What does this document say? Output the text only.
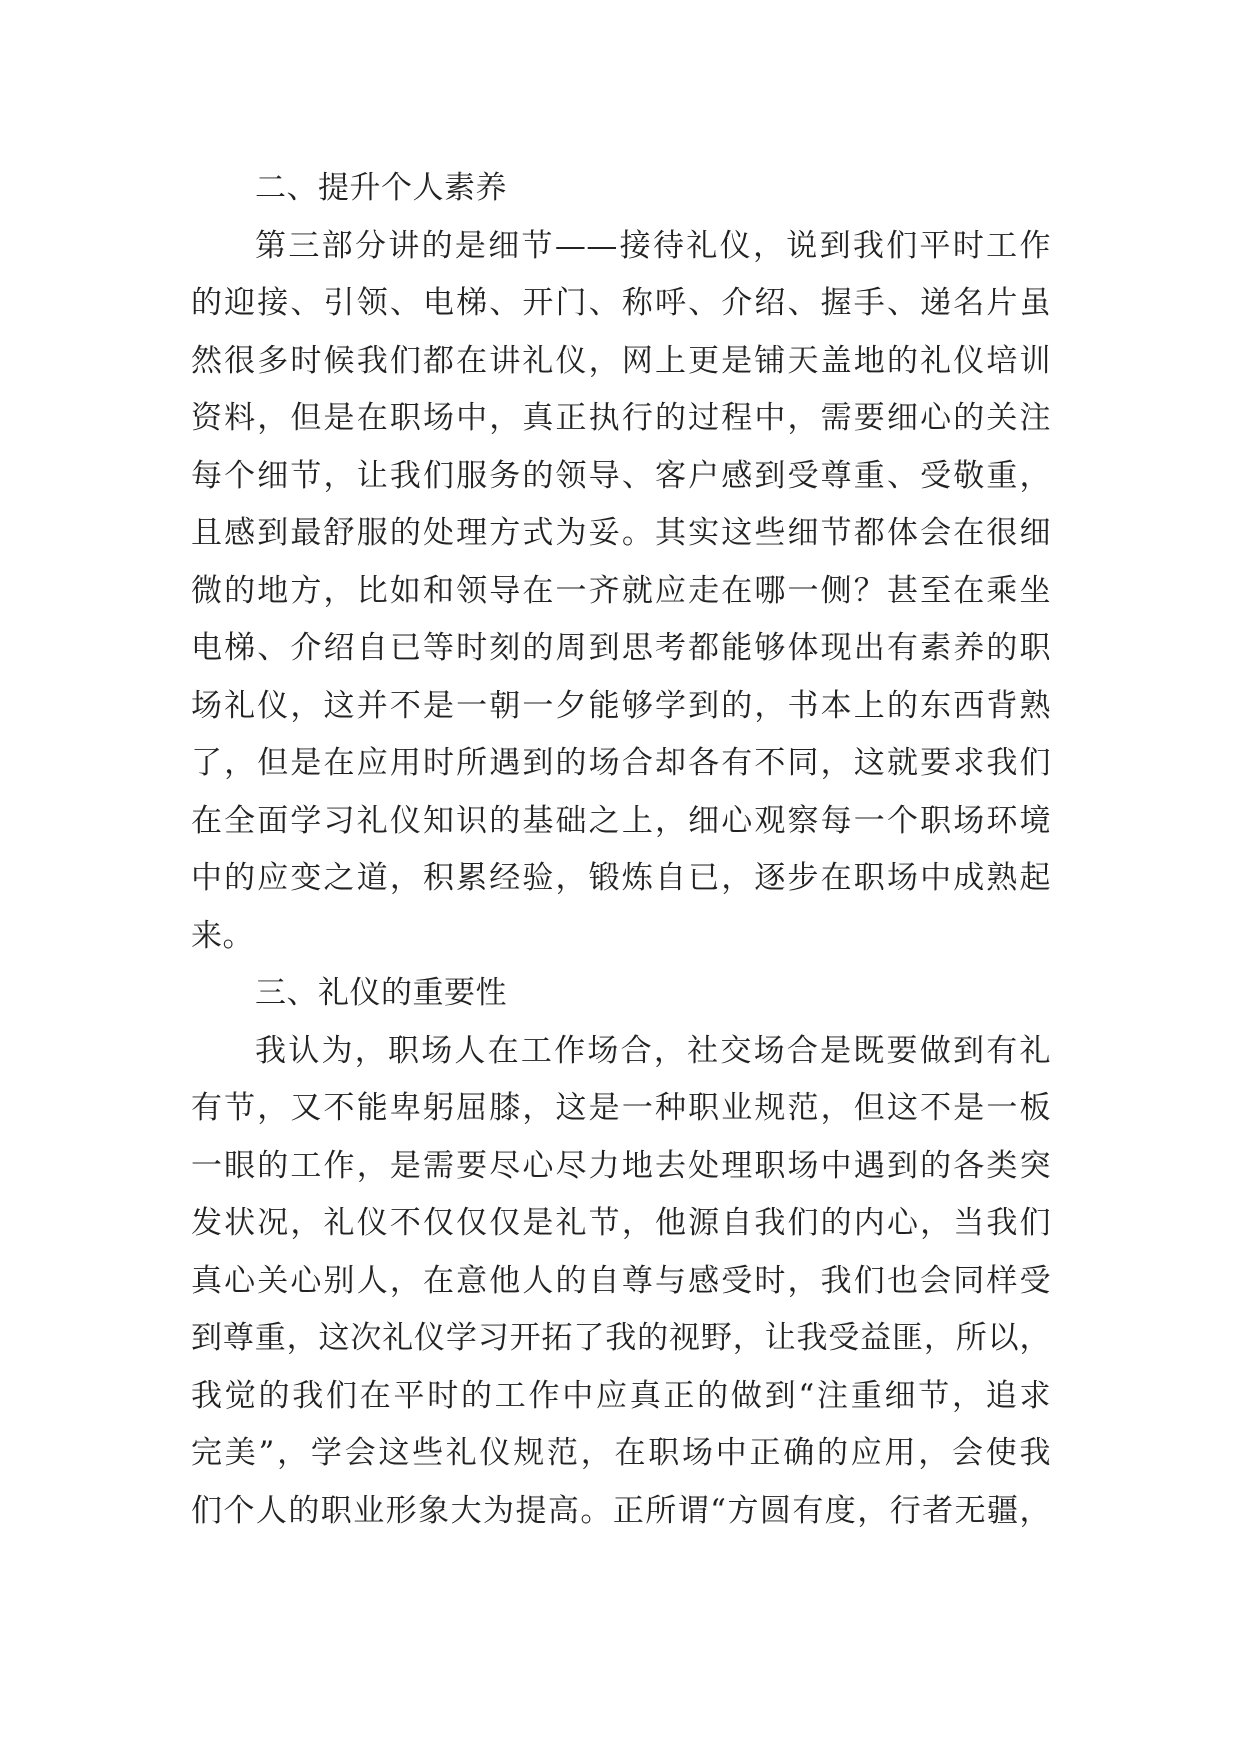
二、提升个人素养
第三部分讲的是细节——接待礼仪，说到我们平时工作
的迎接、引领、电梯、开门、称呼、介绍、握手、递名片虽
然很多时候我们都在讲礼仪，网上更是铺天盖地的礼仪培训
资料，但是在职场中，真正执行的过程中，需要细心的关注
每个细节，让我们服务的领导、客户感到受尊重、受敬重，
且感到最舒服的处理方式为妥。其实这些细节都体会在很细
微的地方，比如和领导在一齐就应走在哪一侧？甚至在乘坐
电梯、介绍自已等时刻的周到思考都能够体现出有素养的职
场礼仪，这并不是一朝一夕能够学到的，书本上的东西背熟
了，但是在应用时所遇到的场合却各有不同，这就要求我们
在全面学习礼仪知识的基础之上，细心观察每一个职场环境
中的应变之道，积累经验，锻炼自已，逐步在职场中成熟起
来。
三、礼仪的重要性
我认为，职场人在工作场合，社交场合是既要做到有礼
有节，又不能卑躬屈膝，这是一种职业规范，但这不是一板
一眼的工作，是需要尽心尽力地去处理职场中遇到的各类突
发状况，礼仪不仅仅仅是礼节，他源自我们的内心，当我们
真心关心别人，在意他人的自尊与感受时，我们也会同样受
到尊重，这次礼仪学习开拓了我的视野，让我受益匪，所以，
我觉的我们在平时的工作中应真正的做到“注重细节，追求
完美”，学会这些礼仪规范，在职场中正确的应用，会使我
们个人的职业形象大为提高。正所谓“方圆有度，行者无疆，
